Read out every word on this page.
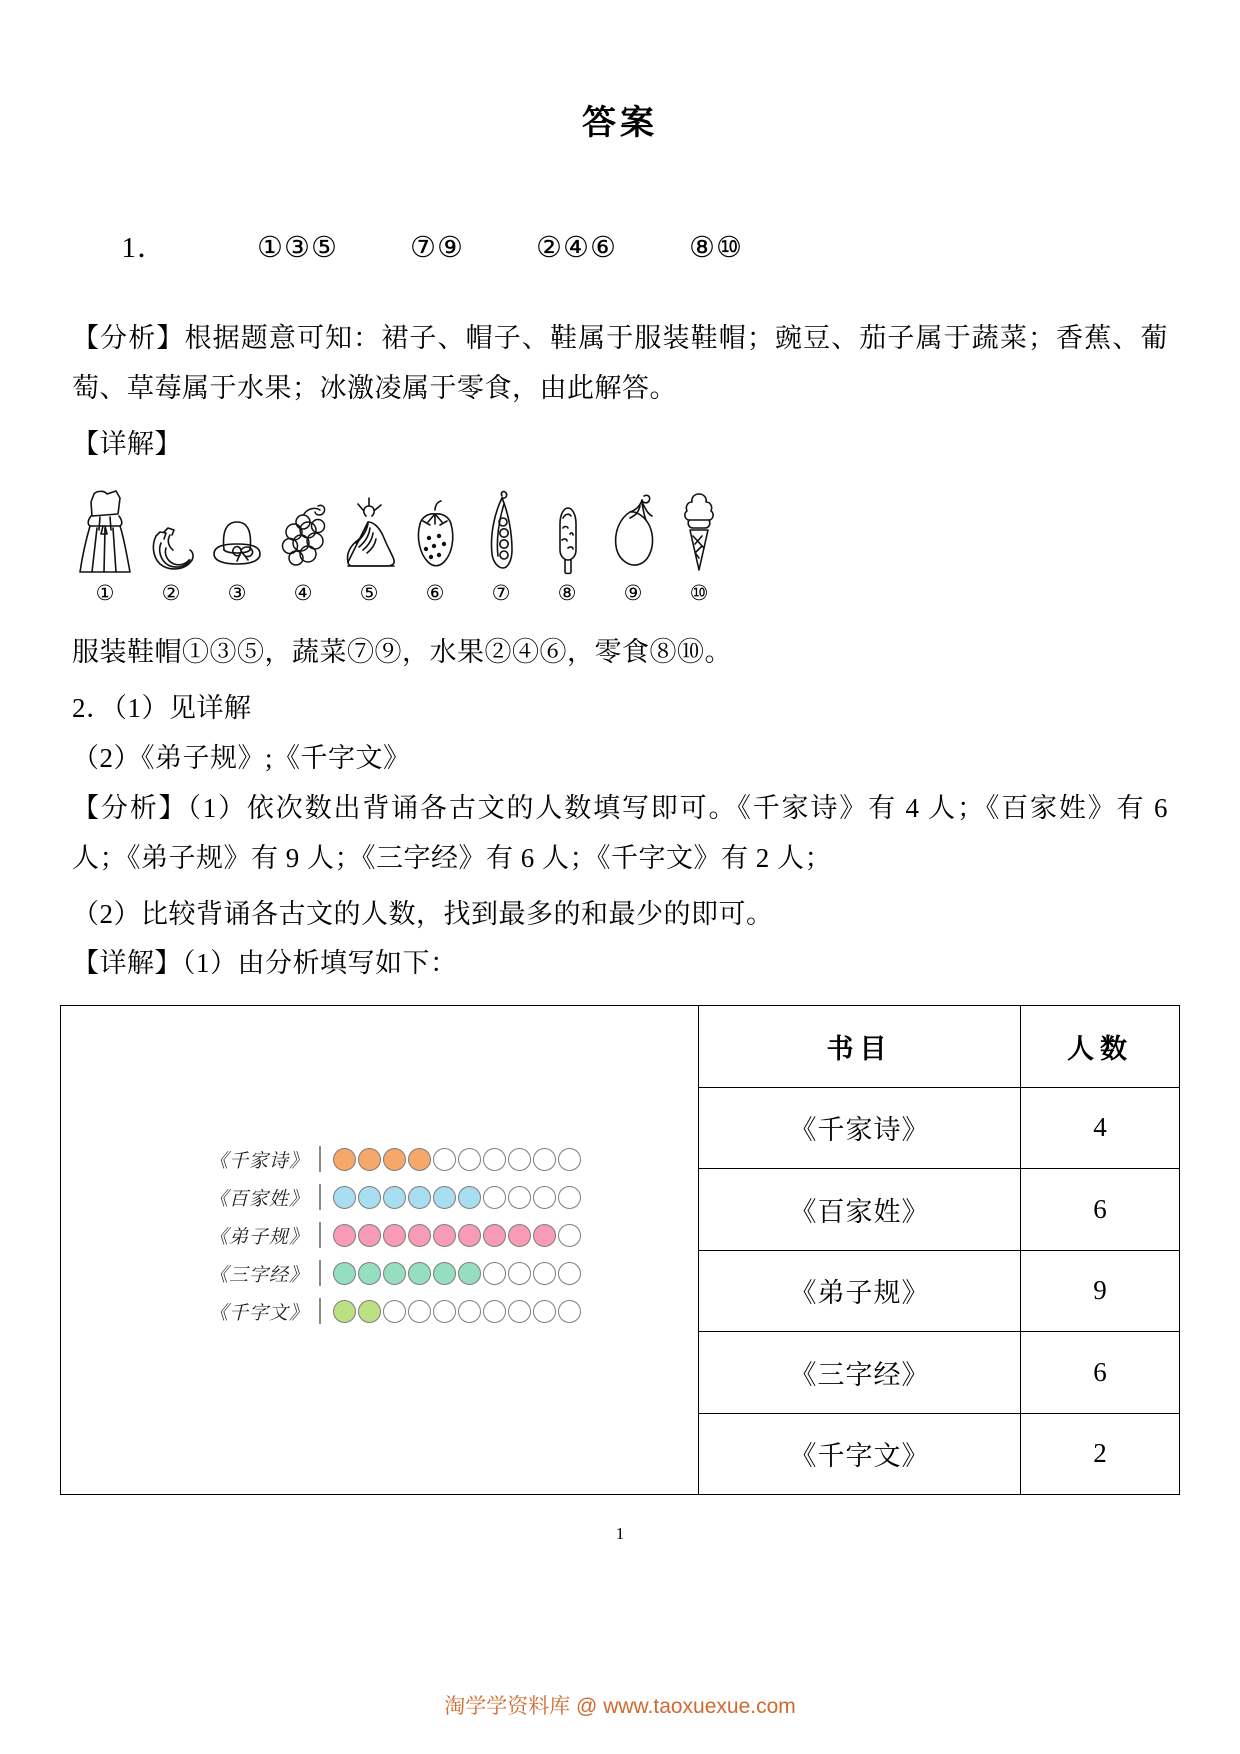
答案

1．	①③⑤ ⑦⑨ ②④⑥ ⑧⑩

【分析】根据题意可知：裙子、帽子、鞋属于服装鞋帽；豌豆、茄子属于蔬菜；香蕉、葡萄、草莓属于水果；冰激凌属于零食，由此解答。

【详解】

① ② ③ ④ ⑤ ⑥ ⑦ ⑧ ⑨ ⑩

服装鞋帽①③⑤，蔬菜⑦⑨，水果②④⑥，零食⑧⑩。

2．（1）见详解

（2）《弟子规》;《千字文》

【分析】（1）依次数出背诵各古文的人数填写即可。《千家诗》有 4 人；《百家姓》有 6 人；《弟子规》有 9 人；《三字经》有 6 人；《千字文》有 2 人；

（2）比较背诵各古文的人数，找到最多的和最少的即可。

【详解】（1）由分析填写如下：

《千家诗》
《百家姓》
《弟子规》
《三字经》
《千字文》
书目	人数
《千家诗》	4
《百家姓》	6
《弟子规》	9
《三字经》	6
《千字文》	2
1
淘学学资料库 @ www.taoxuexue.com
